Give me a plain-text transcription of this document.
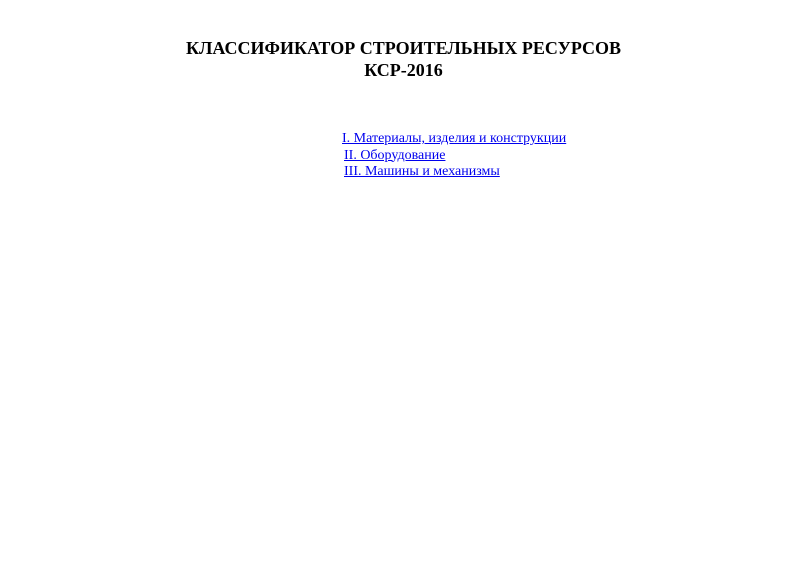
КЛАССИФИКАТОР СТРОИТЕЛЬНЫХ РЕСУРСОВ
КСР-2016
I. Материалы, изделия и конструкции
II. Оборудование
III. Машины и механизмы
